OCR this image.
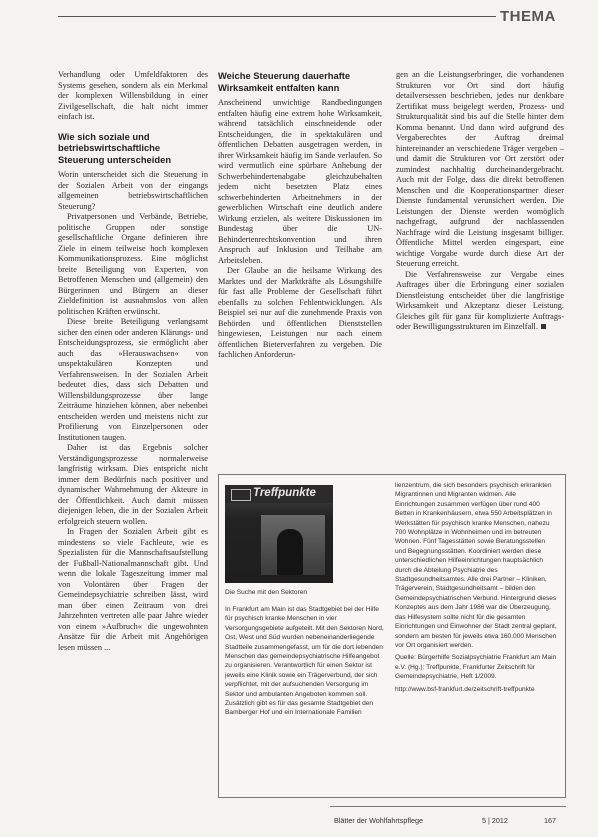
THEMA

Verhandlung oder Umfeldfaktoren des Systems gesehen, sondern als ein Merkmal der komplexen Willensbildung in einer Zivilgesellschaft, die halt nicht immer einfach ist.

Wie sich soziale und betriebswirtschaftliche Steuerung unterscheiden

Worin unterscheidet sich die Steuerung in der Sozialen Arbeit von der eingangs allgemeinen betriebswirtschaftlichen Steuerung?

Privatpersonen und Verbände, Betriebe, politische Gruppen oder sonstige gesellschaftliche Organe definieren ihre Ziele in einem teilweise hoch komplexen Kommunikationsprozess. Eine möglichst breite Beteiligung von Experten, von Betroffenen Menschen und (allgemein) den Bürgerinnen und Bürgern an dieser Zieldefinition ist ausnahmslos von allen politischen Kräften erwünscht.

Diese breite Beteiligung verlangsamt sicher den einen oder anderen Klärungs- und Entscheidungsprozess, sie ermöglicht aber auch das »Herauswachsen« von unspektakulären Konzepten und Verfahrensweisen. In der Sozialen Arbeit bedeutet dies, dass sich Debatten und Willensbildungsprozesse über lange Zeiträume hinziehen können, aber nebenbei entscheiden werden und meistens nicht zur Profilierung von Einzelpersonen oder Institutionen taugen.

Daher ist das Ergebnis solcher Verständigungsprozesse normalerweise langfristig wirksam. Dies entspricht nicht immer dem Bedürfnis nach positiver und dynamischer Wahrnehmung der Akteure in der Öffentlichkeit. Auch damit müssen diejenigen leben, die in der Sozialen Arbeit erfolgreich steuern wollen.

In Fragen der Sozialen Arbeit gibt es mindestens so viele Fachleute, wie es Spezialisten für die Mannschaftsaufstellung der Fußball-Nationalmannschaft gibt. Und wenn die lokale Tageszeitung immer mal von Volontären über Fragen der Gemeindepsychiatrie schreiben lässt, wird man über einen Zeitraum von drei Jahrzehnten vertreten alle paar Jahre wieder von einem »Aufbruch« die ungewohnten Ansätze für die Arbeit mit Angehörigen lesen müssen ...

Weiche Steuerung dauerhafte Wirksamkeit entfalten kann

Anscheinend unwichtige Randbedingungen entfalten häufig eine extrem hohe Wirksamkeit, während tatsächlich einschneidende oder Entscheidungen, die in spektakulären und öffentlichen Debatten ausgetragen werden, in ihrer Wirksamkeit häufig im Sande verlaufen. So wird vermutlich eine spürbare Anhebung der Schwerbehindertenabgabe gleichzubehalten jedem nicht besetzten Platz eines schwerbehinderten Arbeitnehmers in der gewerblichen Wirtschaft eine deutlich andere Wirkung erzielen, als weitere Diskussionen im Bundestag über die UN-Behindertenrechtskonvention und ihren Anspruch auf Inklusion und Teilhabe am Arbeitsleben.

Der Glaube an die heilsame Wirkung des Marktes und der Marktkräfte als Lösungshilfe für fast alle Probleme der Gesellschaft führt ebenfalls zu solchen Fehlentwicklungen. Als Beispiel sei nur auf die zunehmende Praxis von Behörden und öffentlichen Dienststellen hingewiesen, Leistungen nur nach einem öffentlichen Bieterverfahren zu vergeben. Die fachlichen Anforderun-

gen an die Leistungserbringer, die vorhandenen Strukturen vor Ort sind dort häufig detailversessen beschrieben, jedes nur denkbare Zertifikat muss beigelegt werden, Prozess- und Strukturqualität sind bis auf die Stelle hinter dem Komma benannt. Und dann wird aufgrund des Vergaberechtes der Auftrag dreimal hintereinander an verschiedene Träger vergeben – und damit die Strukturen vor Ort zerstört oder zumindest nachhaltig durcheinandergebracht. Auch mit der Folge, dass die direkt betroffenen Menschen und die Kooperationspartner dieser Dienste fundamental verunsichert werden. Die Leistungen der Dienste werden womöglich nachgefragt, aufgrund der nachlassenden Nachfrage wird die Leistung insgesamt billiger. Öffentliche Mittel werden eingespart, eine wichtige Vorgabe wurde durch diese Art der Steuerung erreicht.

Die Verfahrensweise zur Vergabe eines Auftrages über die Erbringung einer sozialen Dienstleistung entscheidet über die langfristige Wirksamkeit und Akzeptanz dieser Leistung. Gleiches gilt für ganz für komplizierte Auftrags- oder Bewilligungsstrukturen im Einzelfall.

Treffpunkte
Die Suche mit den Sektoren

In Frankfurt am Main ist das Stadtgebiet bei der Hilfe für psychisch kranke Menschen in vier Versorgungsgebiete aufgeteilt. Mit den Sektoren Nord, Ost, West und Süd wurden nebeneinanderliegende Stadtteile zusammengefasst, um für die dort lebenden Menschen das gemeindepsychiatrische Hilfeangebot zu organisieren. Verantwortlich für einen Sektor ist jeweils eine Klinik sowie ein Trägerverbund, der sich verpflichtet, mit der aufsuchenden Versorgung im Sektor und ambulanten Angeboten kommen soll. Zusätzlich gibt es für das gesamte Stadtgebiet den Bamberger Hof und ein Internationale Familien

lienzentrum, die sich besonders psychisch erkrankten Migrantinnen und Migranten widmen. Alle Einrichtungen zusammen verfügen über rund 400 Betten in Krankenhäusern, etwa 550 Arbeitsplätzen in Werkstätten für psychisch kranke Menschen, nahezu 700 Wohnplätze in Wohnheimen und im betreuten Wohnen. Fünf Tagesstätten sowie Beratungsstellen und Begegnungsstätten. Koordiniert werden diese unterschiedlichen Hilfeeinrichtungen hauptsächlich durch die Abteilung Psychiatrie des Stadtgesundheitsamtes. Alle drei Partner – Kliniken, Trägerverein, Stadtgesundheitsamt – bilden den Gemeindepsychiatrischen Verbund. Hintergrund dieses Konzeptes aus dem Jahr 1986 war die Überzeugung, das Hilfesystem sollte nicht für die gesamten Einrichtungen und Einwohner der Stadt zentral geplant, sondern am besten für jeweils etwa 160.000 Menschen vor Ort organisiert werden.

Quelle: Bürgerhilfe Sozialpsychiatrie Frankfurt am Main e.V. (Hg.): Treffpunkte, Frankfurter Zeitschrift für Gemeindepsychiatrie, Heft 1/2009.

http://www.bsf-frankfurt.de/zeitschrift-treffpunkte

Blätter der Wohlfahrtspflege	5 | 2012	167
